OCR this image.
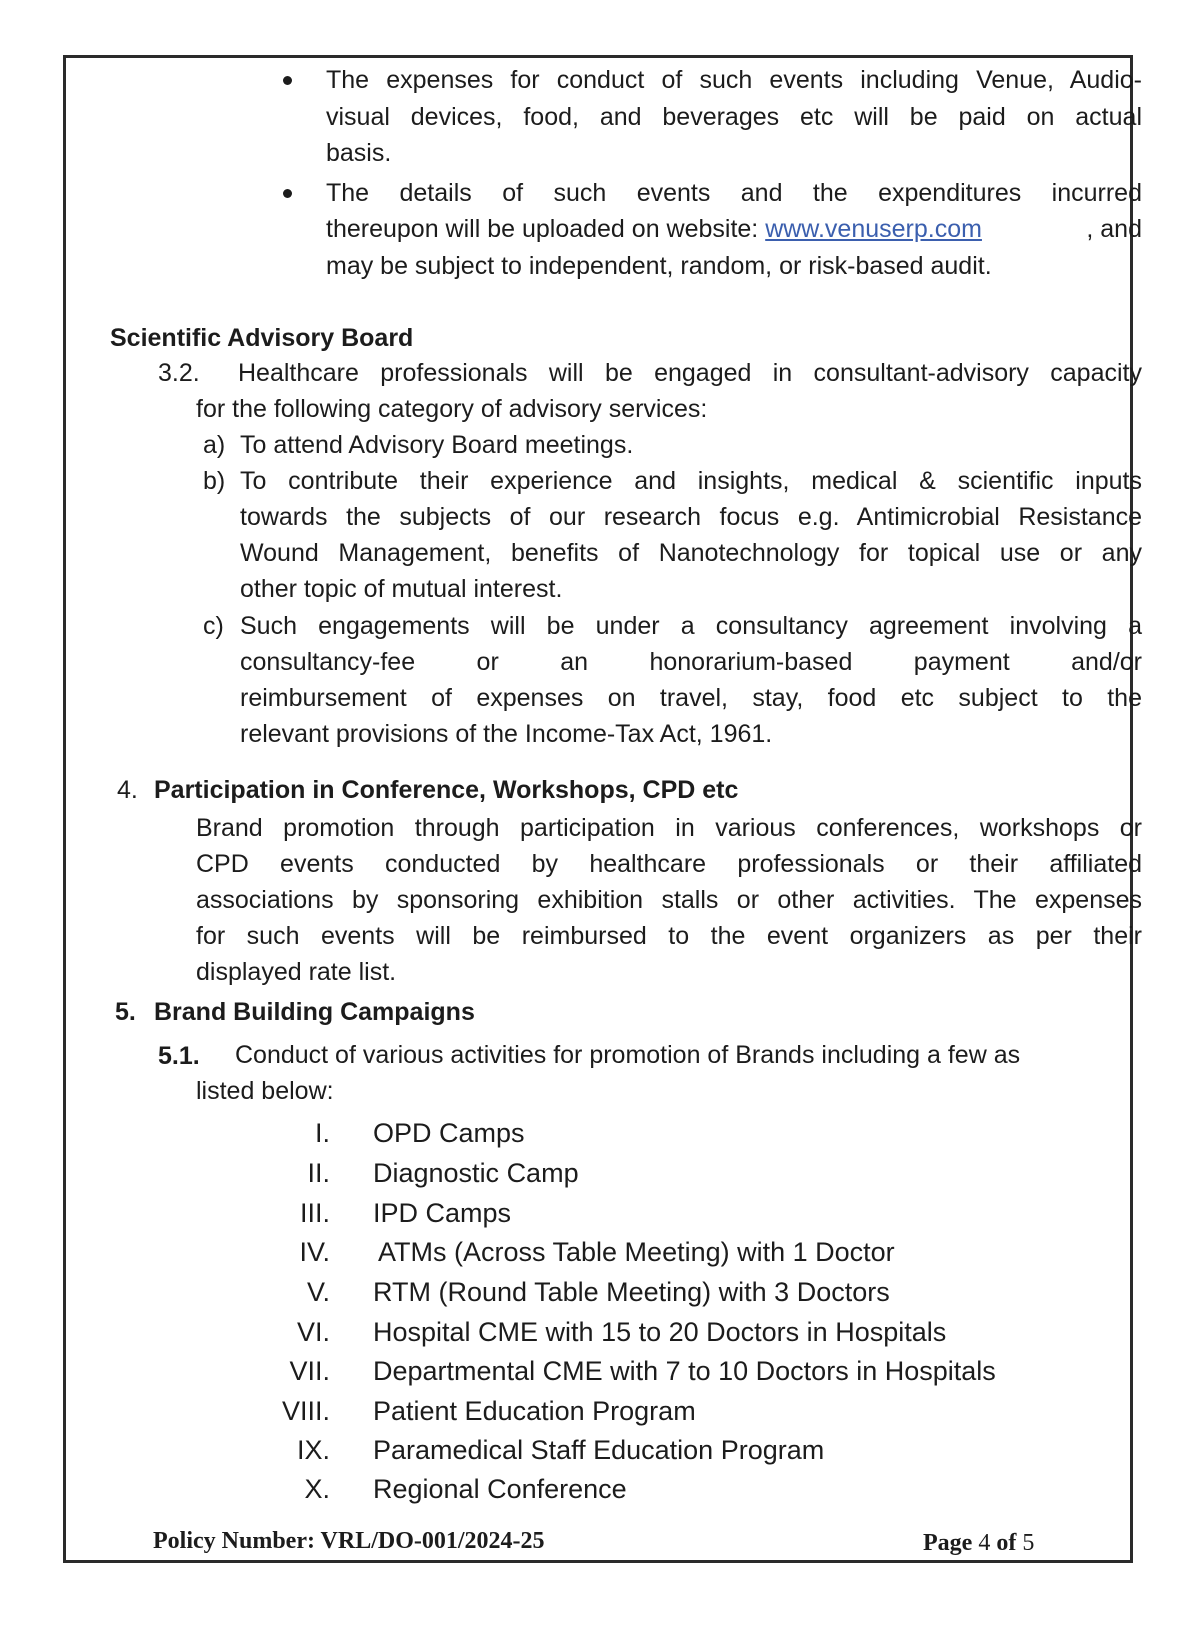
The expenses for conduct of such events including Venue, Audio-
visual devices, food, and beverages etc will be paid on actual
basis.
The details of such events and the expenditures incurred
thereupon will be uploaded on website: www.venuserp.com	, and
may be subject to independent, random, or risk-based audit.
Scientific Advisory Board
3.2. Healthcare professionals will be engaged in consultant-advisory capacity
for the following category of advisory services:
a) To attend Advisory Board meetings.
b) To contribute their experience and insights, medical & scientific inputs
towards the subjects of our research focus e.g. Antimicrobial Resistance
Wound Management, benefits of Nanotechnology for topical use or any
other topic of mutual interest.
c) Such engagements will be under a consultancy agreement involving a
consultancy-fee or an honorarium-based payment and/or
reimbursement of expenses on travel, stay, food etc subject to the
relevant provisions of the Income-Tax Act, 1961.
4. Participation in Conference, Workshops, CPD etc
Brand promotion through participation in various conferences, workshops or
CPD events conducted by healthcare professionals or their affiliated
associations by sponsoring exhibition stalls or other activities. The expenses
for such events will be reimbursed to the event organizers as per their
displayed rate list.
5. Brand Building Campaigns
5.1. Conduct of various activities for promotion of Brands including a few as
listed below:
I. OPD Camps
II. Diagnostic Camp
III. IPD Camps
IV. ATMs (Across Table Meeting) with 1 Doctor
V. RTM (Round Table Meeting) with 3 Doctors
VI. Hospital CME with 15 to 20 Doctors in Hospitals
VII. Departmental CME with 7 to 10 Doctors in Hospitals
VIII. Patient Education Program
IX. Paramedical Staff Education Program
X. Regional Conference
Policy Number: VRL/DO-001/2024-25	Page 4 of 5
